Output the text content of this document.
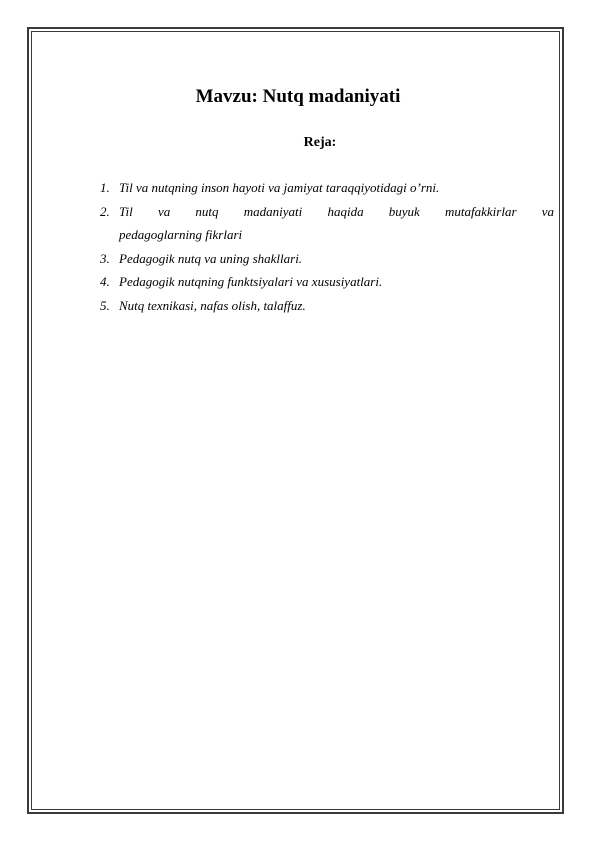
Mavzu: Nutq madaniyati
Reja:
1. Til va nutqning inson hayoti va jamiyat taraqqiyotidagi o’rni.
2. Til va nutq madaniyati haqida buyuk mutafakkirlar va
pedagoglarning fikrlari
3. Pedagogik nutq va uning shakllari.
4. Pedagogik nutqning funktsiyalari va xususiyatlari.
5. Nutq texnikasi, nafas olish, talaffuz.
